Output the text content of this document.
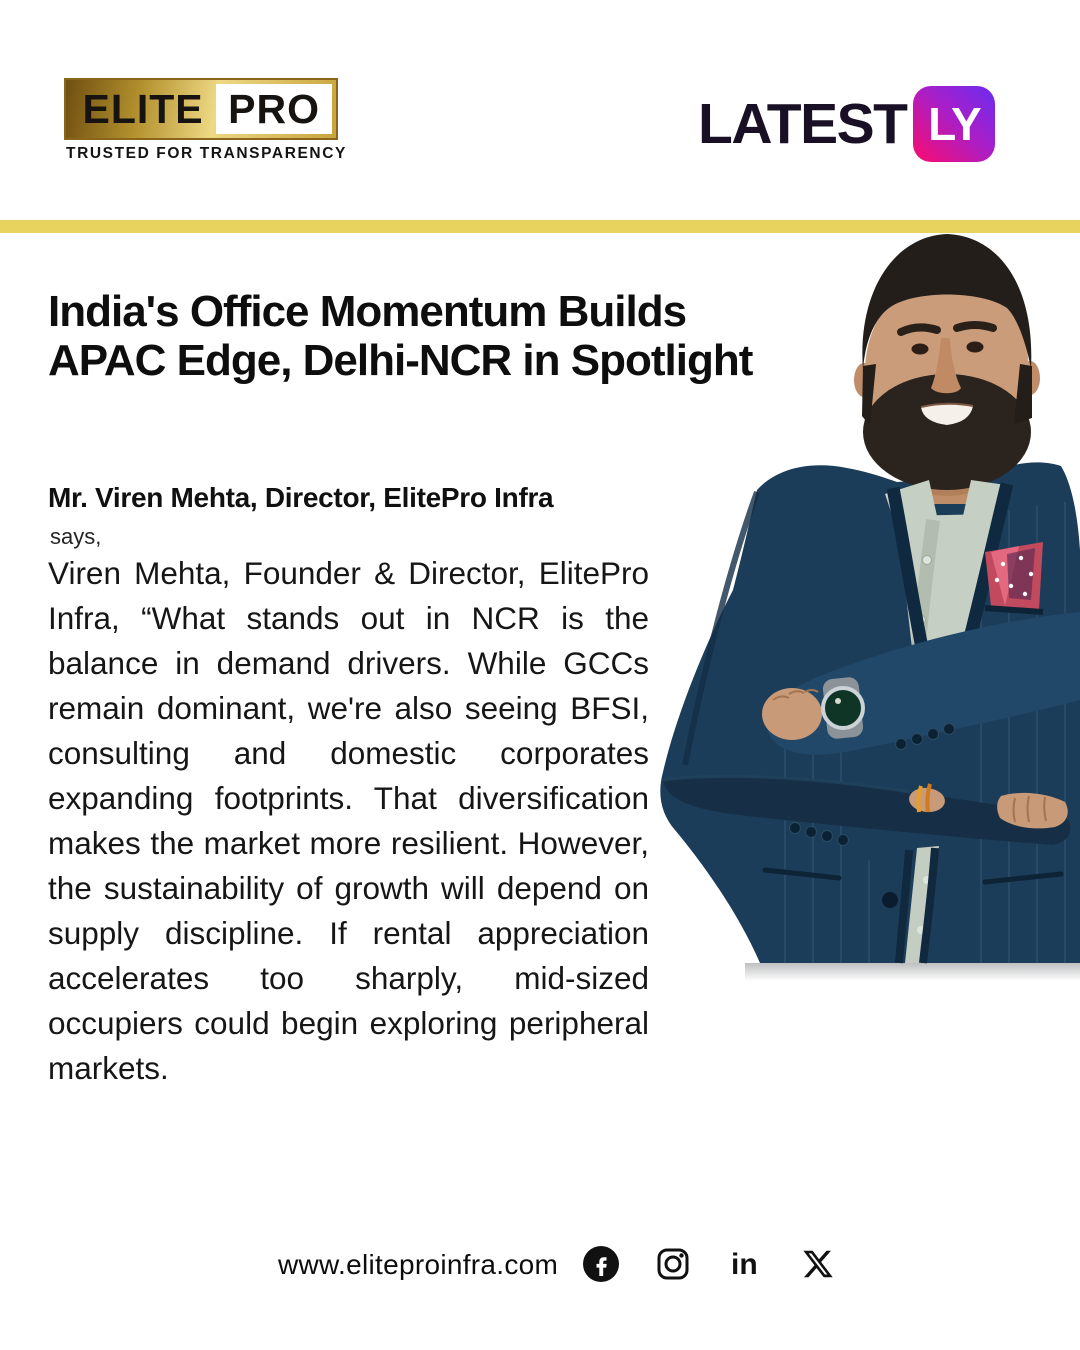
ELITE PRO
TRUSTED FOR TRANSPARENCY	LATEST LY
India's Office Momentum Builds APAC Edge, Delhi-NCR in Spotlight
Mr. Viren Mehta, Director, ElitePro Infra
says,

Viren Mehta, Founder & Director, ElitePro Infra, “What stands out in NCR is the balance in demand drivers. While GCCs remain dominant, we're also seeing BFSI, consulting and domestic corporates expanding footprints. That diversification makes the market more resilient. However, the sustainability of growth will depend on supply discipline. If rental appreciation accelerates too sharply, mid-sized occupiers could begin exploring peripheral markets.

www.eliteproinfra.com	in
